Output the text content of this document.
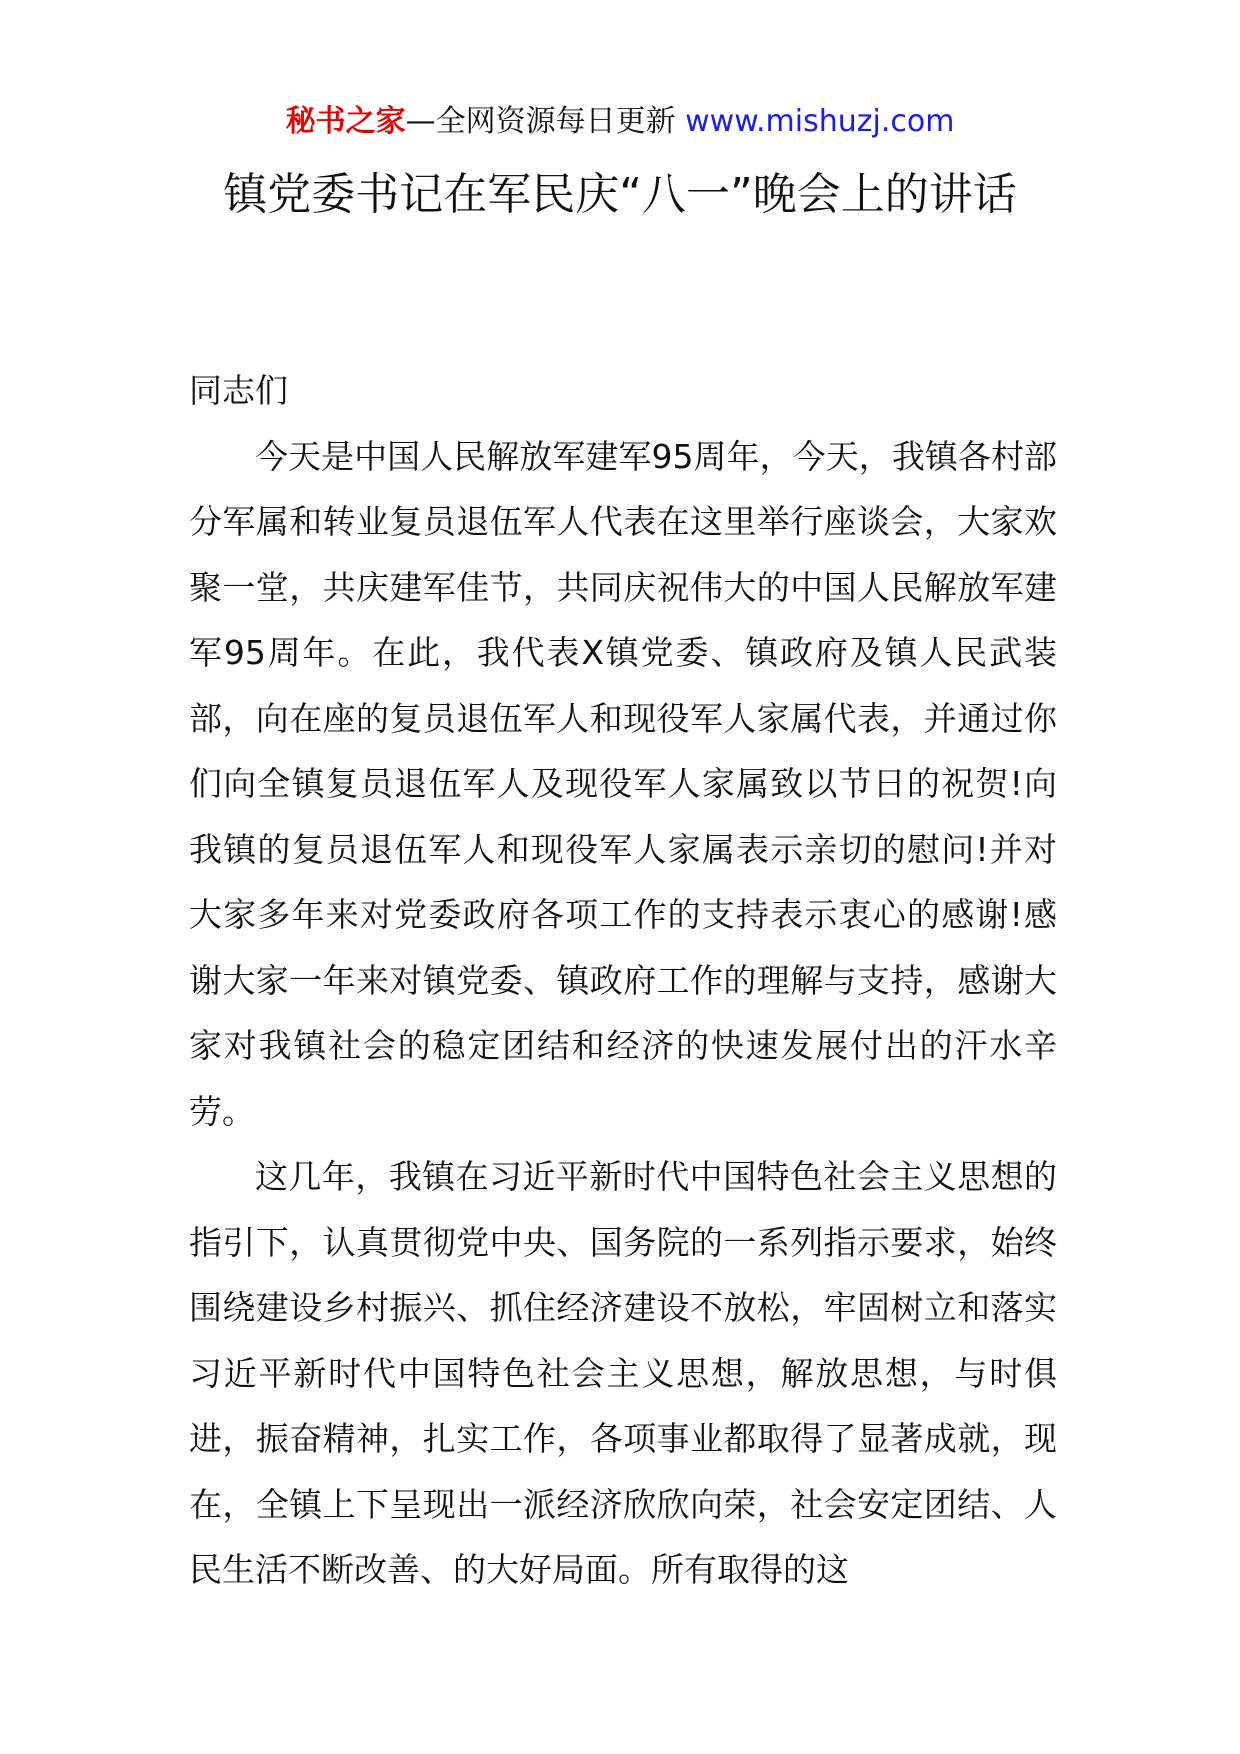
秘书之家—全网资源每日更新 www.mishuzj.com
镇党委书记在军民庆“八一”晚会上的讲话

同志们

今天是中国人民解放军建军95周年，今天，我镇各村部分军属和转业复员退伍军人代表在这里举行座谈会，大家欢聚一堂，共庆建军佳节，共同庆祝伟大的中国人民解放军建军95周年。在此，我代表X镇党委、镇政府及镇人民武装部，向在座的复员退伍军人和现役军人家属代表，并通过你们向全镇复员退伍军人及现役军人家属致以节日的祝贺!向我镇的复员退伍军人和现役军人家属表示亲切的慰问!并对大家多年来对党委政府各项工作的支持表示衷心的感谢!感谢大家一年来对镇党委、镇政府工作的理解与支持，感谢大家对我镇社会的稳定团结和经济的快速发展付出的汗水辛劳。

这几年，我镇在习近平新时代中国特色社会主义思想的指引下，认真贯彻党中央、国务院的一系列指示要求，始终围绕建设乡村振兴、抓住经济建设不放松，牢固树立和落实习近平新时代中国特色社会主义思想，解放思想，与时俱进，振奋精神，扎实工作，各项事业都取得了显著成就，现在，全镇上下呈现出一派经济欣欣向荣，社会安定团结、人民生活不断改善、的大好局面。所有取得的这
